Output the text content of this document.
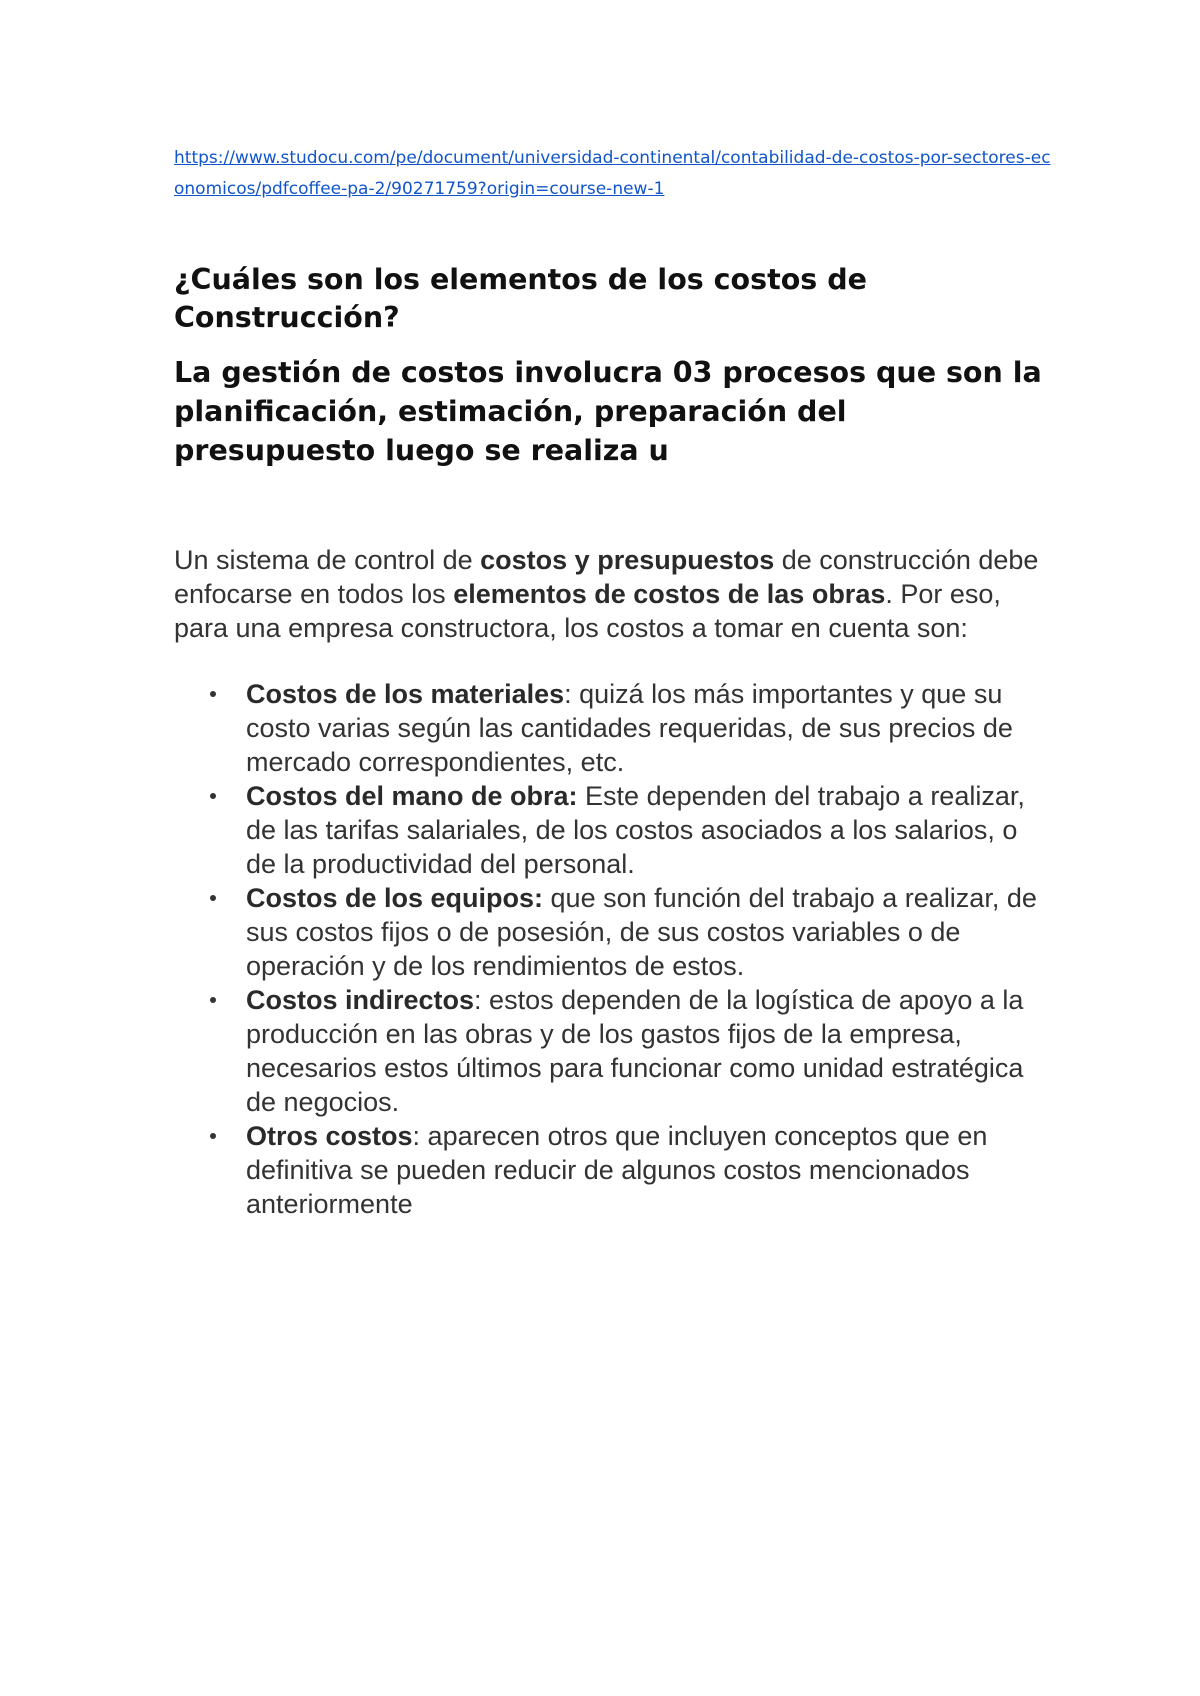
https://www.studocu.com/pe/document/universidad-continental/contabilidad-de-costos-por-sectores-economicos/pdfcoffee-pa-2/90271759?origin=course-new-1
¿Cuáles son los elementos de los costos de Construcción?
La gestión de costos involucra 03 procesos que son la planificación, estimación, preparación del presupuesto luego se realiza u

Un sistema de control de costos y presupuestos de construcción debe enfocarse en todos los elementos de costos de las obras. Por eso, para una empresa constructora, los costos a tomar en cuenta son:

Costos de los materiales: quizá los más importantes y que su costo varias según las cantidades requeridas, de sus precios de mercado correspondientes, etc.
Costos del mano de obra: Este dependen del trabajo a realizar, de las tarifas salariales, de los costos asociados a los salarios, o de la productividad del personal.
Costos de los equipos: que son función del trabajo a realizar, de sus costos fijos o de posesión, de sus costos variables o de operación y de los rendimientos de estos.
Costos indirectos: estos dependen de la logística de apoyo a la producción en las obras y de los gastos fijos de la empresa, necesarios estos últimos para funcionar como unidad estratégica de negocios.
Otros costos: aparecen otros que incluyen conceptos que en definitiva se pueden reducir de algunos costos mencionados anteriormente
